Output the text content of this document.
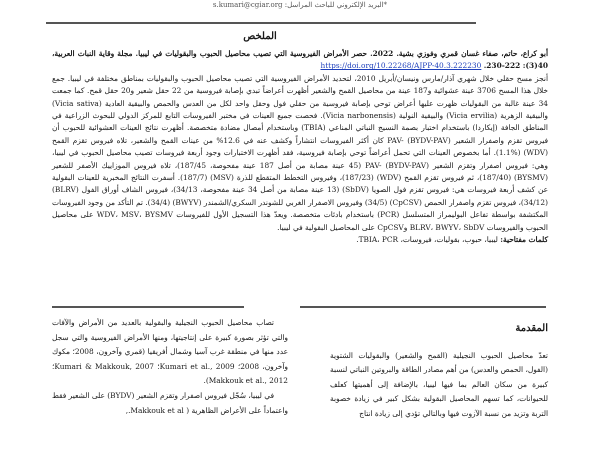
*البريد الإلكتروني للباحث المراسل: s.kumari@cgiar.org
الملخص

أبو كراع، حاتم، صفاء غسان قمري وفوزي بشية. 2022. حصر الأمراض الفيروسية التي تصيب محاصيل الحبوب والبقوليات في ليبيا. مجلة وقاية النبات العربية، 40(3): 222-230. https://doi.org/10.22268/AJPP-40.3.222230

أنجز مسح حقلي خلال شهري آذار/مارس ونيسان/أبريل 2010، لتحديد الأمراض الفيروسية التي تصيب محاصيل الحبوب والبقوليات بمناطق مختلفة في ليبيا. جمع خلال هذا المسح 3706 عينة عشوائية و187 عينة من محاصيل القمح والشعير أظهرت أعراضاً تبدي بإصابة فيروسية من 22 حقل شعير و20 حقل قمح. كما جمعت 34 عينة غالبة من البقوليات ظهرت عليها أعراض توحي بإصابة فيروسية من حقلي فول وحقل واحد لكل من العدس والحمص والبيقية العادية (Vicia sativa) والبيقية الزهرية (Vicia ervilia) والبيقية النولية (Vicia narbonensis). فحصت جميع العينات في مختبر الفيروسات التابع للمركز الدولي للبحوث الزراعية في المناطق الجافة (إيكاردا) باستخدام اختبار بصمة النسيج النباتي المناعي (TBIA) وباستخدام أمصال مضادة متخصصة. أظهرت نتائج العينات العشوائية للحبوب أن فيروس تقزم واصفرار الشعير PAV- (BYDV-PAV) كان أكثر الفيروسات انتشاراً وكشف عنه في 12.6% من عينات القمح والشعير، تلاه فيروس تقزم القمح (WDV) (1.1%). أما بخصوص العينات التي تحمل أعراضاً توحي بإصابة فيروسية، فقد أظهرت الاختبارات وجود أربعة فيروسات تصيب محاصيل الحبوب في ليبيا، وهي: فيروس اصفرار وتقزم الشعير PAV- (BYDV-PAV) (45 عينة مصابة من أصل 187 عينة مفحوصة، 187/45)، تلاه فيروس الموزاييك الأصفر للشعير (BYSMV) (187/40)، ثم فيروس تقزم القمح (WDV) (187/23)، وفيروس التخطط المتقطع للذرة (MSV) (187/7). أسفرت النتائج المخبرية للعينات البقولية عن كشف أربعة فيروسات هي: فيروس تقزم فول الصويا (SbDV) (13 عينة مصابة من أصل 34 عينة مفحوصة، 34/13)، فيروس الشاف أوراق الفول (BLRV) (34/12)، فيروس تقزم واصفرار الحمص (CpCSV) (34/5) وفيروس الاصفرار الغربي للشوندر السكري/الشمندر (BWYV) (34/4). تم التأكد من وجود الفيروسات المكتشفة بواسطة تفاعل البوليمراز المتسلسل (PCR) باستخدام بادئات متخصصة. ويعدّ هذا التسجيل الأول للفيروسات WDV، MSV، BYSMV على محاصيل الحبوب والفيروسات BLRV، BWYV، SbDV وCpCSV على المحاصيل البقولية في ليبيا.

كلمات مفتاحية: ليبيا، حبوب، بقوليات، فيروسات، TBIA، PCR.

المقدمة

تعدّ محاصيل الحبوب النجيلية (القمح والشعير) والبقوليات الشتوية (الفول، الحمص والعدس) من أهم مصادر الطاقة والبروتين النباتي لنسبة كبيرة من سكان العالم بما فيها ليبيا، بالإضافة إلى أهميتها كعلف للحيوانات، كما تسهم المحاصيل البقولية بشكل كبير في زيادة خصوبة التربة وتزيد من نسبة الآزوت فيها وبالتالي تؤدي إلى زيادة انتاج

تصاب محاصيل الحبوب النجيلية والبقولية بالعديد من الأمراض والآفات والتي تؤثر بصورة كبيرة على إنتاجيتها، ومنها الأمراض الفيروسية والتي سجل عدد منها في منطقة غرب آسيا وشمال أفريقيا (قمري وآخرون، 2008؛ مكوك وآخرون، 2008؛ Kumari et al., 2009؛ Kumari & Makkouk, 2007؛ Makkouk et al., 2012).

في ليبيا، سُجّل فيروس اصفرار وتقزم الشعير (BYDV) على الشعير فقط واعتماداً على الأعراض الظاهرية ( Makkouk et al.,
